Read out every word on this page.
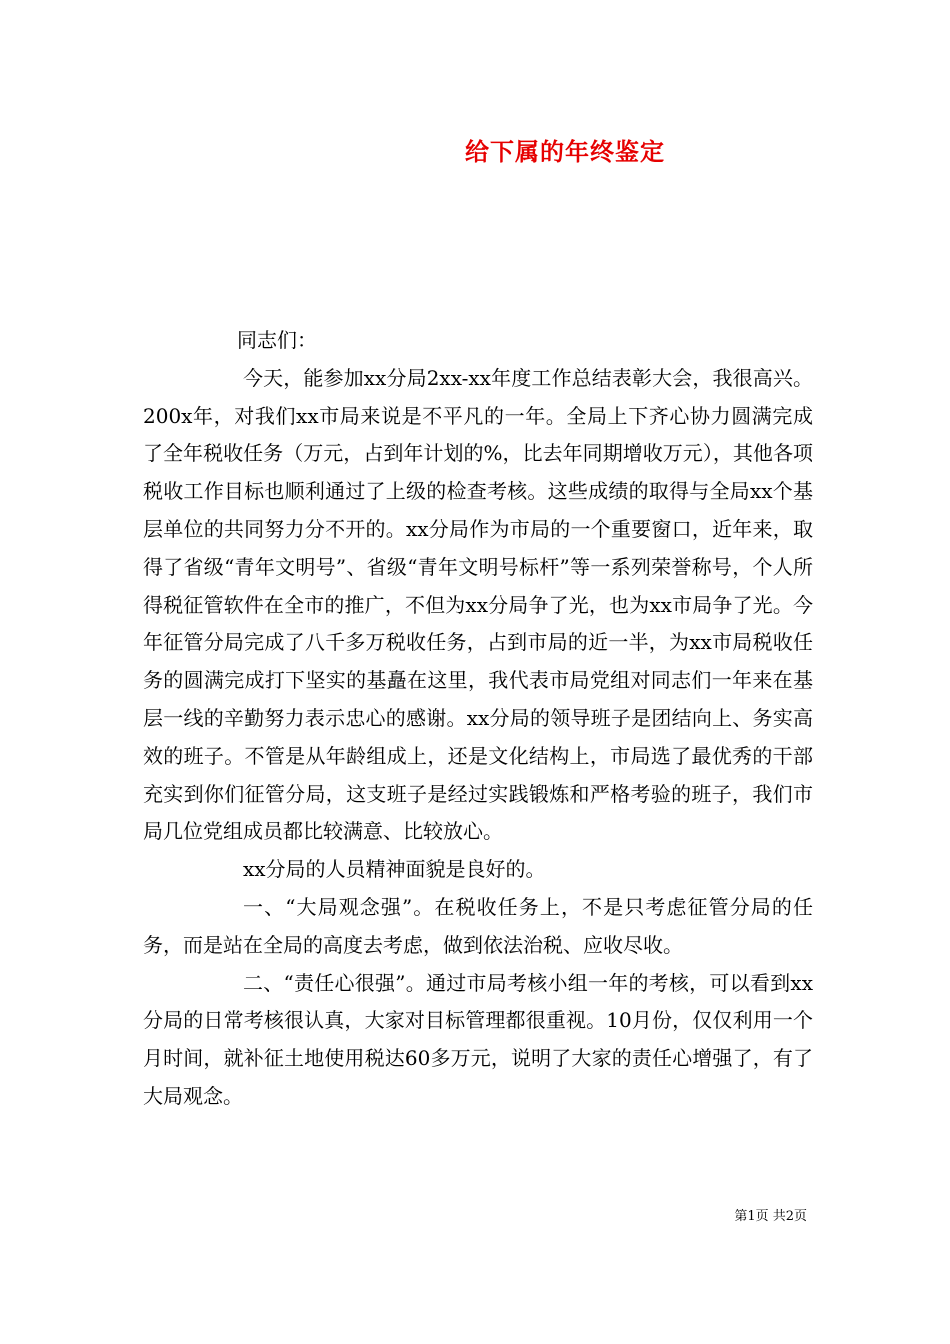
给下属的年终鉴定

同志们：

今天，能参加xx分局2xx-xx年度工作总结表彰大会，我很高兴。200x年，对我们xx市局来说是不平凡的一年。全局上下齐心协力圆满完成了全年税收任务（万元，占到年计划的%，比去年同期增收万元），其他各项税收工作目标也顺利通过了上级的检查考核。这些成绩的取得与全局xx个基层单位的共同努力分不开的。xx分局作为市局的一个重要窗口，近年来，取得了省级“青年文明号”、省级“青年文明号标杆”等一系列荣誉称号，个人所得税征管软件在全市的推广，不但为xx分局争了光，也为xx市局争了光。今年征管分局完成了八千多万税收任务，占到市局的近一半，为xx市局税收任务的圆满完成打下坚实的基矗在这里，我代表市局党组对同志们一年来在基层一线的辛勤努力表示忠心的感谢。xx分局的领导班子是团结向上、务实高效的班子。不管是从年龄组成上，还是文化结构上，市局选了最优秀的干部充实到你们征管分局，这支班子是经过实践锻炼和严格考验的班子，我们市局几位党组成员都比较满意、比较放心。

xx分局的人员精神面貌是良好的。

一、“大局观念强”。在税收任务上，不是只考虑征管分局的任务，而是站在全局的高度去考虑，做到依法治税、应收尽收。

二、“责任心很强”。通过市局考核小组一年的考核，可以看到xx分局的日常考核很认真，大家对目标管理都很重视。10月份，仅仅利用一个月时间，就补征土地使用税达60多万元，说明了大家的责任心增强了，有了大局观念。

第1页 共2页
